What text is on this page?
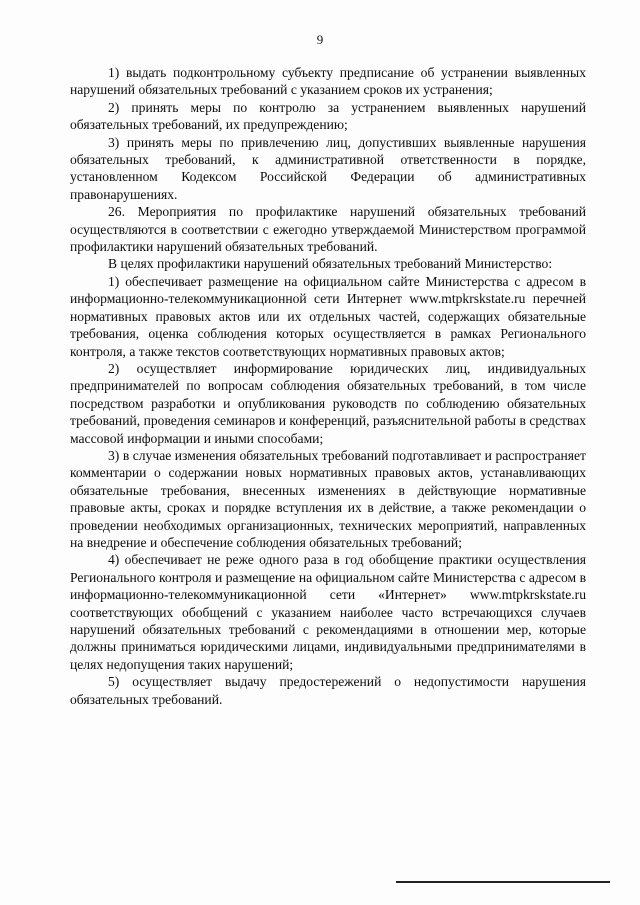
9

1) выдать подконтрольному субъекту предписание об устранении выявленных нарушений обязательных требований с указанием сроков их устранения;

2) принять меры по контролю за устранением выявленных нарушений обязательных требований, их предупреждению;

3) принять меры по привлечению лиц, допустивших выявленные нарушения обязательных требований, к административной ответственности в порядке, установленном Кодексом Российской Федерации об административных правонарушениях.

26. Мероприятия по профилактике нарушений обязательных требований осуществляются в соответствии с ежегодно утверждаемой Министерством программой профилактики нарушений обязательных требований.

В целях профилактики нарушений обязательных требований Министерство:

1) обеспечивает размещение на официальном сайте Министерства с адресом в информационно-телекоммуникационной сети Интернет www.mtpkrskstate.ru перечней нормативных правовых актов или их отдельных частей, содержащих обязательные требования, оценка соблюдения которых осуществляется в рамках Регионального контроля, а также текстов соответствующих нормативных правовых актов;

2) осуществляет информирование юридических лиц, индивидуальных предпринимателей по вопросам соблюдения обязательных требований, в том числе посредством разработки и опубликования руководств по соблюдению обязательных требований, проведения семинаров и конференций, разъяснительной работы в средствах массовой информации и иными способами;

3) в случае изменения обязательных требований подготавливает и распространяет комментарии о содержании новых нормативных правовых актов, устанавливающих обязательные требования, внесенных изменениях в действующие нормативные правовые акты, сроках и порядке вступления их в действие, а также рекомендации о проведении необходимых организационных, технических мероприятий, направленных на внедрение и обеспечение соблюдения обязательных требований;

4) обеспечивает не реже одного раза в год обобщение практики осуществления Регионального контроля и размещение на официальном сайте Министерства с адресом в информационно-телекоммуникационной сети «Интернет» www.mtpkrskstate.ru соответствующих обобщений с указанием наиболее часто встречающихся случаев нарушений обязательных требований с рекомендациями в отношении мер, которые должны приниматься юридическими лицами, индивидуальными предпринимателями в целях недопущения таких нарушений;

5) осуществляет выдачу предостережений о недопустимости нарушения обязательных требований.
